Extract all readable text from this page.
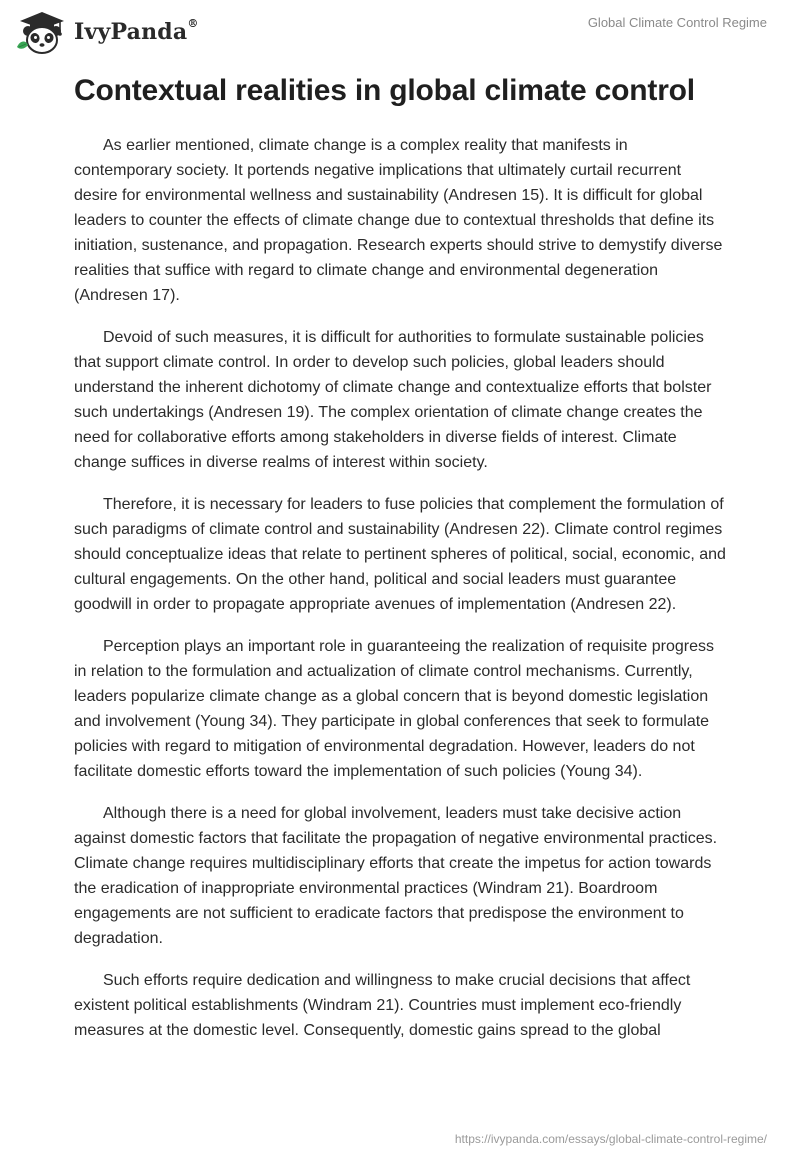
IvyPanda®	Global Climate Control Regime
Contextual realities in global climate control

As earlier mentioned, climate change is a complex reality that manifests in contemporary society. It portends negative implications that ultimately curtail recurrent desire for environmental wellness and sustainability (Andresen 15). It is difficult for global leaders to counter the effects of climate change due to contextual thresholds that define its initiation, sustenance, and propagation. Research experts should strive to demystify diverse realities that suffice with regard to climate change and environmental degeneration (Andresen 17).

Devoid of such measures, it is difficult for authorities to formulate sustainable policies that support climate control. In order to develop such policies, global leaders should understand the inherent dichotomy of climate change and contextualize efforts that bolster such undertakings (Andresen 19). The complex orientation of climate change creates the need for collaborative efforts among stakeholders in diverse fields of interest. Climate change suffices in diverse realms of interest within society.

Therefore, it is necessary for leaders to fuse policies that complement the formulation of such paradigms of climate control and sustainability (Andresen 22). Climate control regimes should conceptualize ideas that relate to pertinent spheres of political, social, economic, and cultural engagements. On the other hand, political and social leaders must guarantee goodwill in order to propagate appropriate avenues of implementation (Andresen 22).

Perception plays an important role in guaranteeing the realization of requisite progress in relation to the formulation and actualization of climate control mechanisms. Currently, leaders popularize climate change as a global concern that is beyond domestic legislation and involvement (Young 34). They participate in global conferences that seek to formulate policies with regard to mitigation of environmental degradation. However, leaders do not facilitate domestic efforts toward the implementation of such policies (Young 34).

Although there is a need for global involvement, leaders must take decisive action against domestic factors that facilitate the propagation of negative environmental practices. Climate change requires multidisciplinary efforts that create the impetus for action towards the eradication of inappropriate environmental practices (Windram 21). Boardroom engagements are not sufficient to eradicate factors that predispose the environment to degradation.

Such efforts require dedication and willingness to make crucial decisions that affect existent political establishments (Windram 21). Countries must implement eco-friendly measures at the domestic level. Consequently, domestic gains spread to the global

https://ivypanda.com/essays/global-climate-control-regime/
